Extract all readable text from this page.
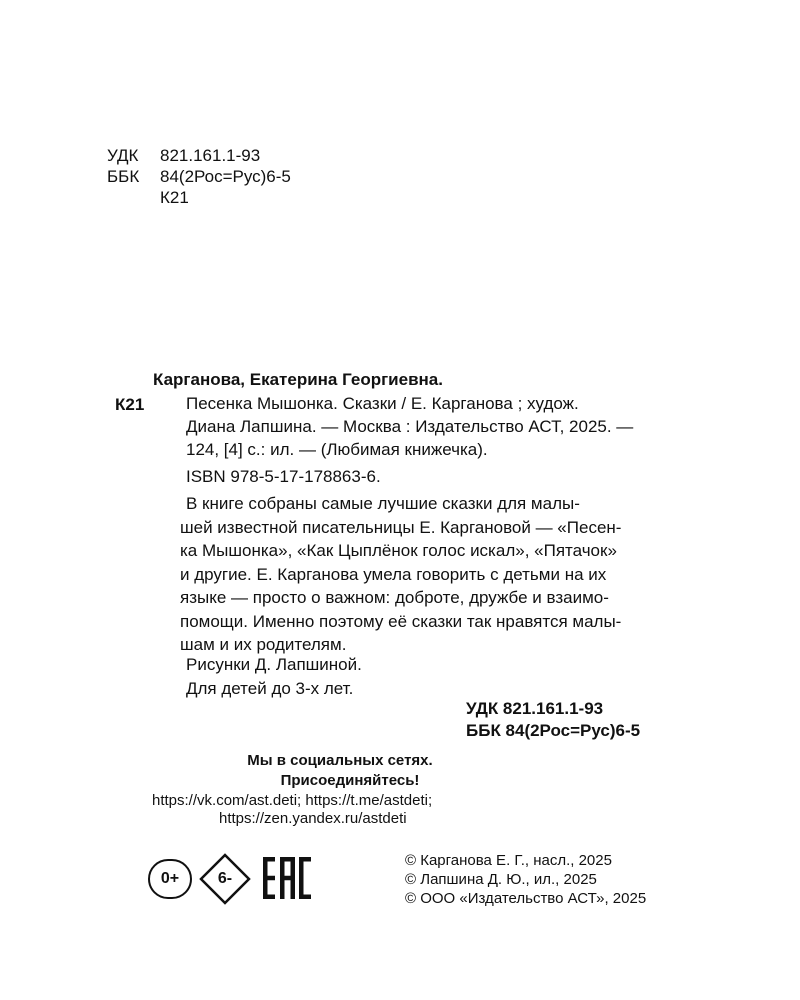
УДК 821.161.1-93
ББК 84(2Рос=Рус)6-5
К21
Карганова, Екатерина Георгиевна.
К21 Песенка Мышонка. Сказки / Е. Карганова ; худож.
Диана Лапшина. — Москва : Издательство АСТ, 2025. —
124, [4] с.: ил. — (Любимая книжечка).
ISBN 978-5-17-178863-6.
В книге собраны самые лучшие сказки для малы-
шей известной писательницы Е. Каргановой — «Песен-
ка Мышонка», «Как Цыплёнок голос искал», «Пятачок»
и другие. Е. Карганова умела говорить с детьми на их
языке — просто о важном: доброте, дружбе и взаимо-
помощи. Именно поэтому её сказки так нравятся малы-
шам и их родителям.
Рисунки Д. Лапшиной.
Для детей до 3-х лет.
УДК 821.161.1-93
ББК 84(2Рос=Рус)6-5
Мы в социальных сетях.
Присоединяйтесь!
https://vk.com/ast.deti; https://t.me/astdeti;
https://zen.yandex.ru/astdeti
0+ 6-
© Карганова Е. Г., насл., 2025
© Лапшина Д. Ю., ил., 2025
© ООО «Издательство АСТ», 2025
